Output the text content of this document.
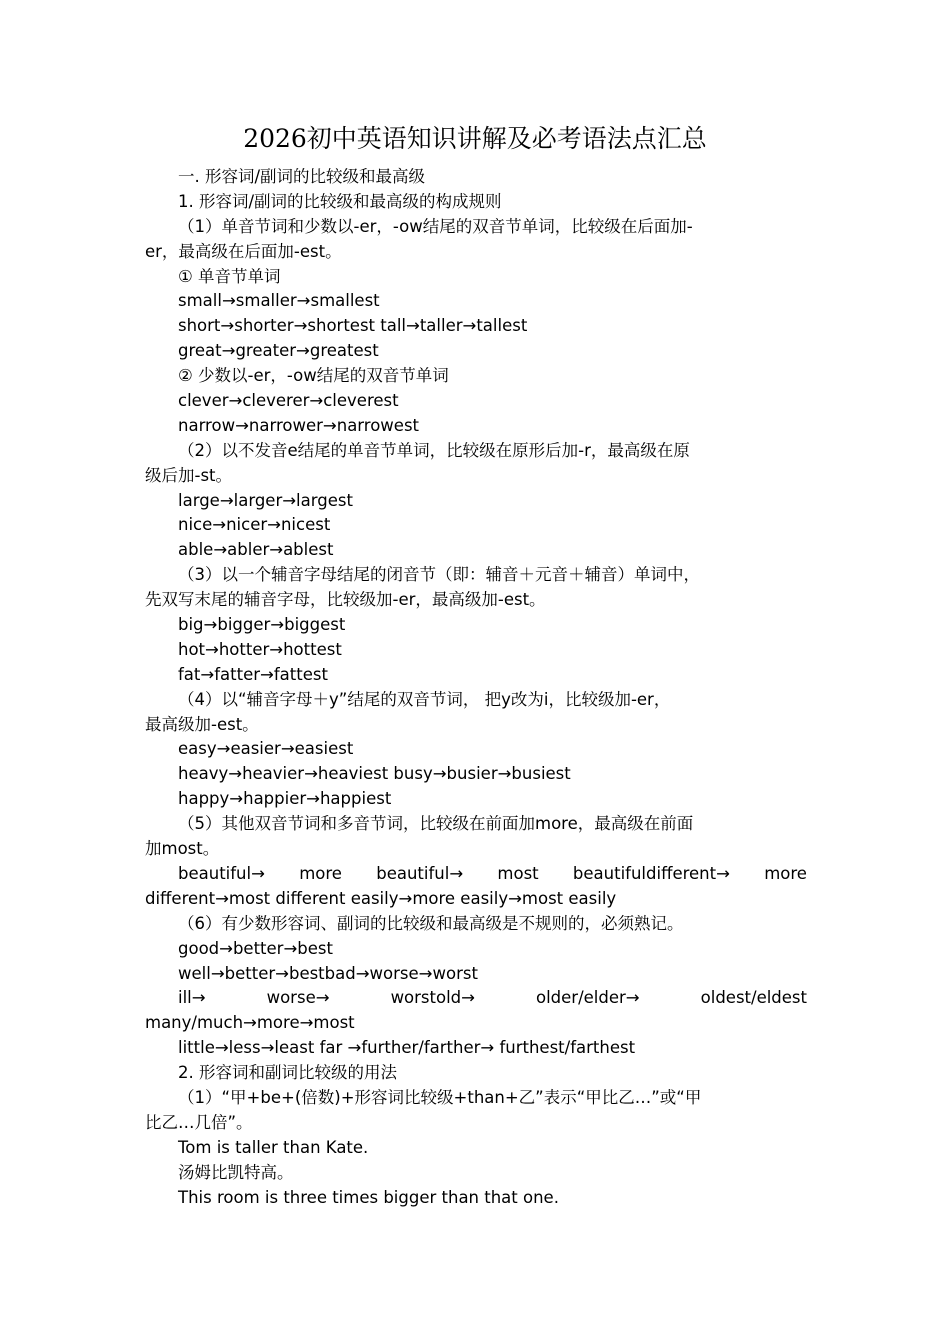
2026初中英语知识讲解及必考语法点汇总
一. 形容词/副词的比较级和最高级
1. 形容词/副词的比较级和最高级的构成规则
（1）单音节词和少数以-er，-ow结尾的双音节单词，比较级在后面加-
er，最高级在后面加-est。
① 单音节单词
small→smaller→smallest
short→shorter→shortest tall→taller→tallest
great→greater→greatest
② 少数以-er，-ow结尾的双音节单词
clever→cleverer→cleverest
narrow→narrower→narrowest
（2）以不发音e结尾的单音节单词，比较级在原形后加-r，最高级在原
级后加-st。
large→larger→largest
nice→nicer→nicest
able→abler→ablest
（3）以一个辅音字母结尾的闭音节（即：辅音＋元音＋辅音）单词中，
先双写末尾的辅音字母，比较级加-er，最高级加-est。
big→bigger→biggest
hot→hotter→hottest
fat→fatter→fattest
（4）以“辅音字母＋y”结尾的双音节词， 把y改为i，比较级加-er，
最高级加-est。
easy→easier→easiest
heavy→heavier→heaviest busy→busier→busiest
happy→happier→happiest
（5）其他双音节词和多音节词，比较级在前面加more，最高级在前面
加most。
beautiful→ more beautiful→ most beautifuldifferent→ more
different→most different easily→more easily→most easily
（6）有少数形容词、副词的比较级和最高级是不规则的，必须熟记。
good→better→best
well→better→bestbad→worse→worst
ill→	worse→	worstold→	older/elder→	oldest/eldest
many/much→more→most
little→less→least far →further/farther→ furthest/farthest
2. 形容词和副词比较级的用法
（1）“甲+be+(倍数)+形容词比较级+than+乙”表示“甲比乙…”或“甲
比乙…几倍”。
Tom is taller than Kate.
汤姆比凯特高。
This room is three times bigger than that one.
